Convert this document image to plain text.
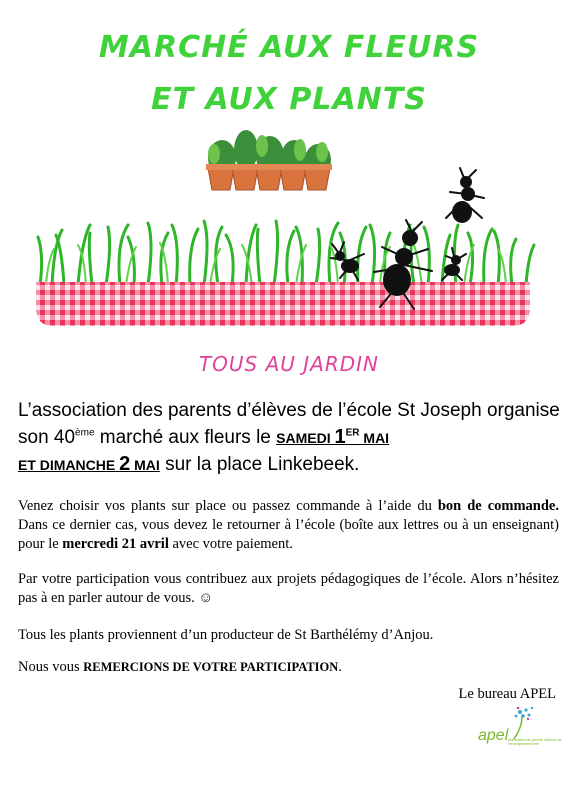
MARCHÉ AUX FLEURS
ET AUX PLANTS
TOUS AU JARDIN
L’association des parents d’élèves de l’école St Joseph organise son 40ème marché aux fleurs le SAMEDI 1ER MAI
ET DIMANCHE 2 MAI sur la place Linkebeek.
Venez choisir vos plants sur place ou passez commande à l’aide du bon de commande. Dans ce dernier cas, vous devez le retourner à l’école (boîte aux lettres ou à un enseignant) pour le mercredi 21 avril avec votre paiement.
Par votre participation vous contribuez aux projets pédagogiques de l’école. Alors n’hésitez pas à en parler autour de vous. ☺
Tous les plants proviennent d’un producteur de St Barthélémy d’Anjou.
Nous vous REMERCIONS DE VOTRE PARTICIPATION.
Le bureau APEL
apel association de parents d'élèves de l'enseignement libre
